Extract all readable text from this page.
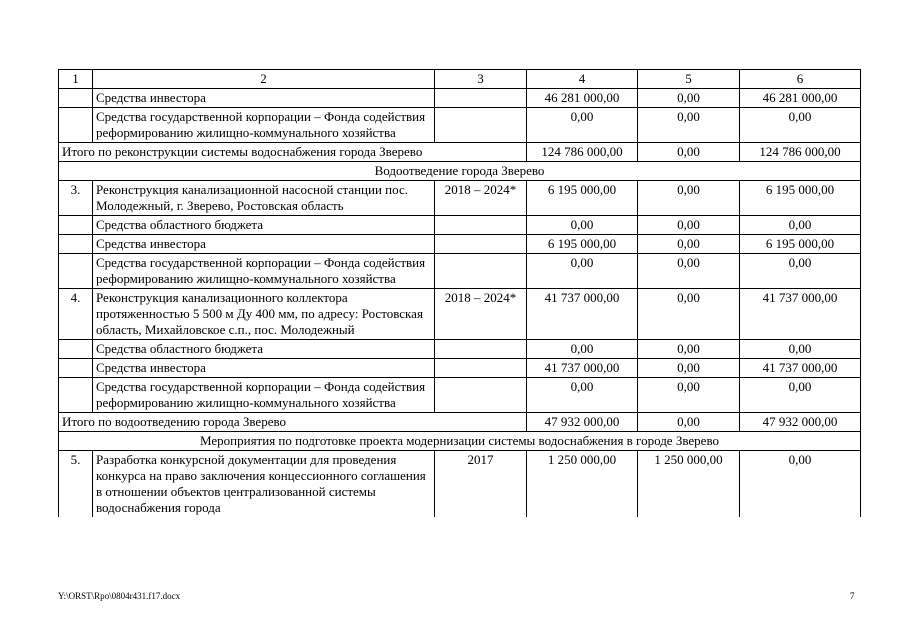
1	2	3	4	5	6
	Средства инвестора		46 281 000,00	0,00	46 281 000,00
	Средства государственной корпорации – Фонда содействия реформированию жилищно-коммунального хозяйства		0,00	0,00	0,00
Итого по реконструкции системы водоснабжения города Зверево			124 786 000,00	0,00	124 786 000,00
Водоотведение города Зверево					
3.	Реконструкция канализационной насосной станции пос. Молодежный, г. Зверево, Ростовская область	2018 – 2024*	6 195 000,00	0,00	6 195 000,00
	Средства областного бюджета		0,00	0,00	0,00
	Средства инвестора		6 195 000,00	0,00	6 195 000,00
	Средства государственной корпорации – Фонда содействия реформированию жилищно-коммунального хозяйства		0,00	0,00	0,00
4.	Реконструкция канализационного коллектора протяженностью 5 500 м Ду 400 мм, по адресу: Ростовская область, Михайловское с.п., пос. Молодежный	2018 – 2024*	41 737 000,00	0,00	41 737 000,00
	Средства областного бюджета		0,00	0,00	0,00
	Средства инвестора		41 737 000,00	0,00	41 737 000,00
	Средства государственной корпорации – Фонда содействия реформированию жилищно-коммунального хозяйства		0,00	0,00	0,00
Итого по водоотведению города Зверево			47 932 000,00	0,00	47 932 000,00
Мероприятия по подготовке проекта модернизации системы водоснабжения в городе Зверево					
5.	Разработка конкурсной документации для проведения конкурса на право заключения концессионного соглашения в отношении объектов централизованной системы водоснабжения города	2017	1 250 000,00	1 250 000,00	0,00
Y:\ORST\Rpo\0804r431.f17.docx	7
